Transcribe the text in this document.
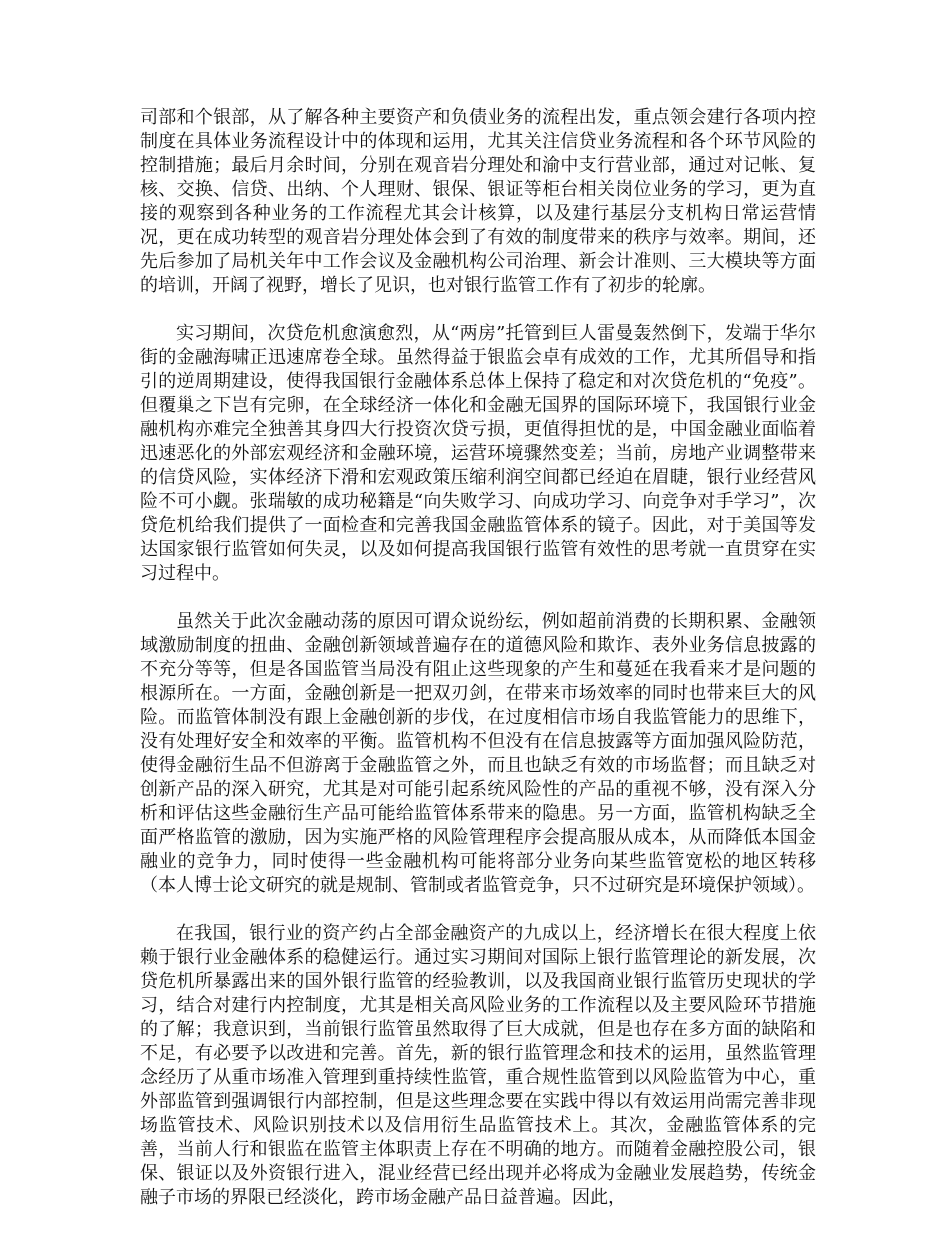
司部和个银部，从了解各种主要资产和负债业务的流程出发，重点领会建行各项内控制度在具体业务流程设计中的体现和运用，尤其关注信贷业务流程和各个环节风险的控制措施；最后月余时间，分别在观音岩分理处和渝中支行营业部，通过对记帐、复核、交换、信贷、出纳、个人理财、银保、银证等柜台相关岗位业务的学习，更为直接的观察到各种业务的工作流程尤其会计核算，以及建行基层分支机构日常运营情况，更在成功转型的观音岩分理处体会到了有效的制度带来的秩序与效率。期间，还先后参加了局机关年中工作会议及金融机构公司治理、新会计准则、三大模块等方面的培训，开阔了视野，增长了见识，也对银行监管工作有了初步的轮廓。

实习期间，次贷危机愈演愈烈，从“两房”托管到巨人雷曼轰然倒下，发端于华尔街的金融海啸正迅速席卷全球。虽然得益于银监会卓有成效的工作，尤其所倡导和指引的逆周期建设，使得我国银行金融体系总体上保持了稳定和对次贷危机的“免疫”。但覆巢之下岂有完卵，在全球经济一体化和金融无国界的国际环境下，我国银行业金融机构亦难完全独善其身四大行投资次贷亏损，更值得担忧的是，中国金融业面临着迅速恶化的外部宏观经济和金融环境，运营环境骤然变差；当前，房地产业调整带来的信贷风险，实体经济下滑和宏观政策压缩利润空间都已经迫在眉睫，银行业经营风险不可小觑。张瑞敏的成功秘籍是“向失败学习、向成功学习、向竞争对手学习”，次贷危机给我们提供了一面检查和完善我国金融监管体系的镜子。因此，对于美国等发达国家银行监管如何失灵，以及如何提高我国银行监管有效性的思考就一直贯穿在实习过程中。

虽然关于此次金融动荡的原因可谓众说纷纭，例如超前消费的长期积累、金融领域激励制度的扭曲、金融创新领域普遍存在的道德风险和欺诈、表外业务信息披露的不充分等等，但是各国监管当局没有阻止这些现象的产生和蔓延在我看来才是问题的根源所在。一方面，金融创新是一把双刃剑，在带来市场效率的同时也带来巨大的风险。而监管体制没有跟上金融创新的步伐，在过度相信市场自我监管能力的思维下，没有处理好安全和效率的平衡。监管机构不但没有在信息披露等方面加强风险防范，使得金融衍生品不但游离于金融监管之外，而且也缺乏有效的市场监督；而且缺乏对创新产品的深入研究，尤其是对可能引起系统风险性的产品的重视不够，没有深入分析和评估这些金融衍生产品可能给监管体系带来的隐患。另一方面，监管机构缺乏全面严格监管的激励，因为实施严格的风险管理程序会提高服从成本，从而降低本国金融业的竞争力，同时使得一些金融机构可能将部分业务向某些监管宽松的地区转移（本人博士论文研究的就是规制、管制或者监管竞争，只不过研究是环境保护领域）。

在我国，银行业的资产约占全部金融资产的九成以上，经济增长在很大程度上依赖于银行业金融体系的稳健运行。通过实习期间对国际上银行监管理论的新发展，次贷危机所暴露出来的国外银行监管的经验教训，以及我国商业银行监管历史现状的学习，结合对建行内控制度，尤其是相关高风险业务的工作流程以及主要风险环节措施的了解；我意识到，当前银行监管虽然取得了巨大成就，但是也存在多方面的缺陷和不足，有必要予以改进和完善。首先，新的银行监管理念和技术的运用，虽然监管理念经历了从重市场准入管理到重持续性监管，重合规性监管到以风险监管为中心，重外部监管到强调银行内部控制，但是这些理念要在实践中得以有效运用尚需完善非现场监管技术、风险识别技术以及信用衍生品监管技术上。其次，金融监管体系的完善，当前人行和银监在监管主体职责上存在不明确的地方。而随着金融控股公司，银保、银证以及外资银行进入，混业经营已经出现并必将成为金融业发展趋势，传统金融子市场的界限已经淡化，跨市场金融产品日益普遍。因此，
